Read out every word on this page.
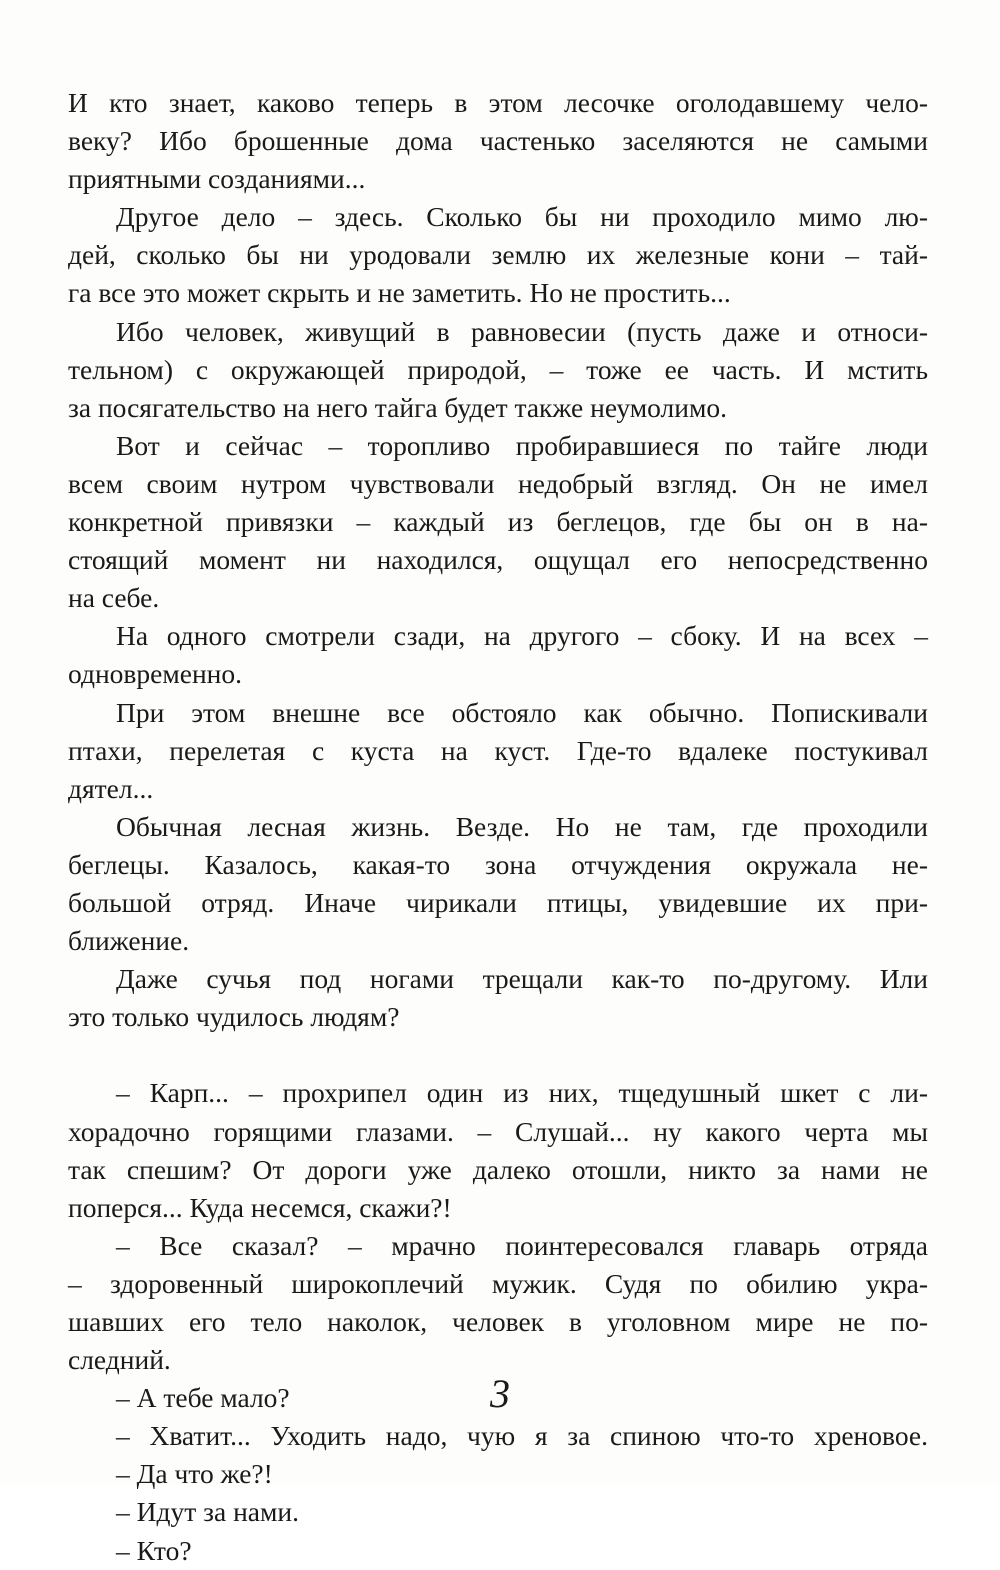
И кто знает, каково теперь в этом лесочке оголодавшему чело-
веку? Ибо брошенные дома частенько заселяются не самыми
приятными созданиями...
Другое дело – здесь. Сколько бы ни проходило мимо лю-
дей, сколько бы ни уродовали землю их железные кони – тай-
га все это может скрыть и не заметить. Но не простить...
Ибо человек, живущий в равновесии (пусть даже и относи-
тельном) с окружающей природой, – тоже ее часть. И мстить
за посягательство на него тайга будет также неумолимо.
Вот и сейчас – торопливо пробиравшиеся по тайге люди
всем своим нутром чувствовали недобрый взгляд. Он не имел
конкретной привязки – каждый из беглецов, где бы он в на-
стоящий момент ни находился, ощущал его непосредственно
на себе.
На одного смотрели сзади, на другого – сбоку. И на всех –
одновременно.
При этом внешне все обстояло как обычно. Попискивали
птахи, перелетая с куста на куст. Где-то вдалеке постукивал
дятел...
Обычная лесная жизнь. Везде. Но не там, где проходили
беглецы. Казалось, какая-то зона отчуждения окружала не-
большой отряд. Иначе чирикали птицы, увидевшие их при-
ближение.
Даже сучья под ногами трещали как-то по-другому. Или
это только чудилось людям?
– Карп... – прохрипел один из них, тщедушный шкет с ли-
хорадочно горящими глазами. – Слушай... ну какого черта мы
так спешим? От дороги уже далеко отошли, никто за нами не
поперся... Куда несемся, скажи?!
– Все сказал? – мрачно поинтересовался главарь отряда
– здоровенный широкоплечий мужик. Судя по обилию укра-
шавших его тело наколок, человек в уголовном мире не по-
следний.
– А тебе мало?
– Хватит... Уходить надо, чую я за спиною что-то хреновое.
– Да что же?!
– Идут за нами.
– Кто?
3
